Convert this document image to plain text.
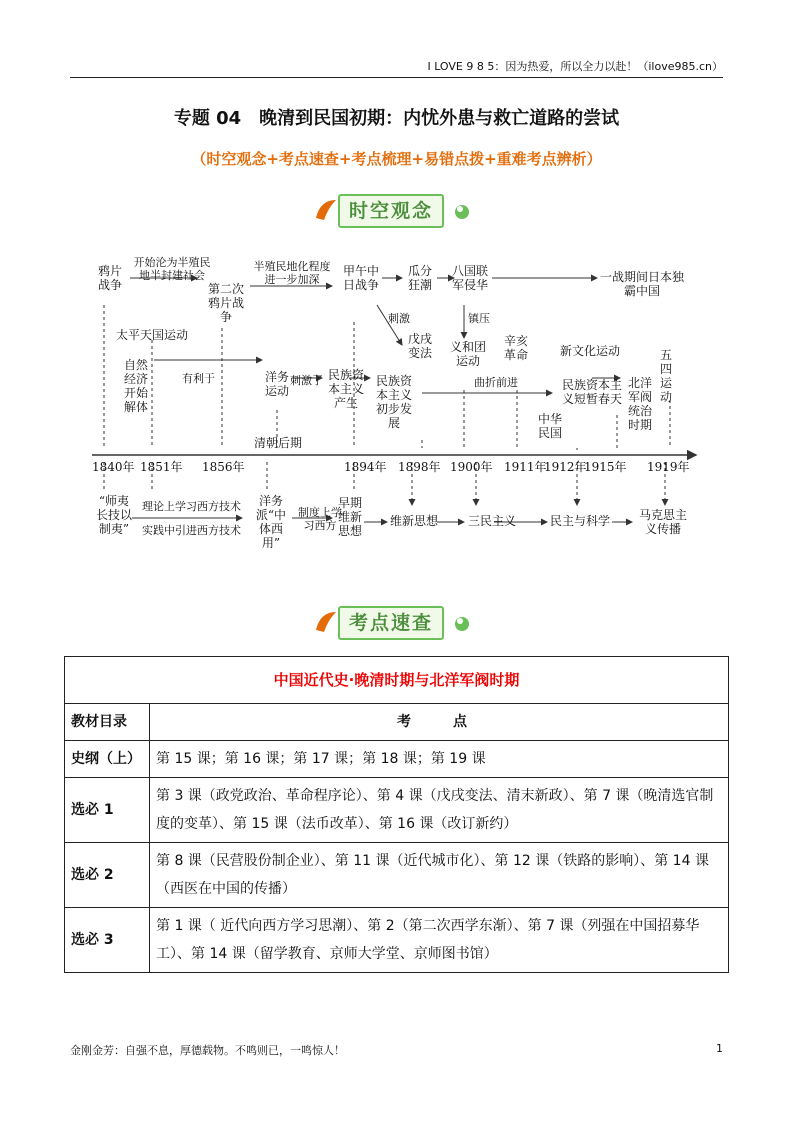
I LOVE 9 8 5：因为热爱，所以全力以赴！（ilove985.cn）
专题 04　晚清到民国初期：内忧外患与救亡道路的尝试
（时空观念+考点速查+考点梳理+易错点拨+重难考点辨析）
时空观念
鸦片战争
开始沦为半殖民地半封建社会
第二次鸦片战争
半殖民地化程度进一步加深
甲午中日战争
瓜分狂潮
八国联军侵华
一战期间日本独霸中国
太平天国运动
自然经济开始解体
有利于
刺激
戊戌变法
镇压
义和团运动
辛亥革命	新文化运动
洋务运动
刺激了 民族资本主义产生
民族资本主义初步发展
曲折前进
中华民国
民族资本主义短暂春天
北洋军阀统治时期
五四运动
清朝后期
1840年 1851年 1856年	1894年 1898年 1900年 1911年
1912年
1915年 1919年
“师夷长技以制夷”
理论上学习西方技术
实践中引进西方技术
洋务派“中体西用”
制度上学习西方
早期维新思想
维新思想 三民主义	民主与科学	马克思主义传播
考点速查
中国近代史·晚清时期与北洋军阀时期	
教材目录	考　点
史纲（上）	第 15 课；第 16 课；第 17 课；第 18 课；第 19 课
选必 1	第 3 课（政党政治、革命程序论）、第 4 课（戊戌变法、清末新政）、第 7 课（晚清选官制度的变革）、第 15 课（法币改革）、第 16 课（改订新约）
选必 2	第 8 课（民营股份制企业）、第 11 课（近代城市化）、第 12 课（铁路的影响）、第 14 课（西医在中国的传播）
选必 3	第 1 课（ 近代向西方学习思潮）、第 2（第二次西学东渐）、第 7 课（列强在中国招募华工）、第 14 课（留学教育、京师大学堂、京师图书馆）
金刚金芳：自强不息，厚德载物。不鸣则已，一鸣惊人！	1
